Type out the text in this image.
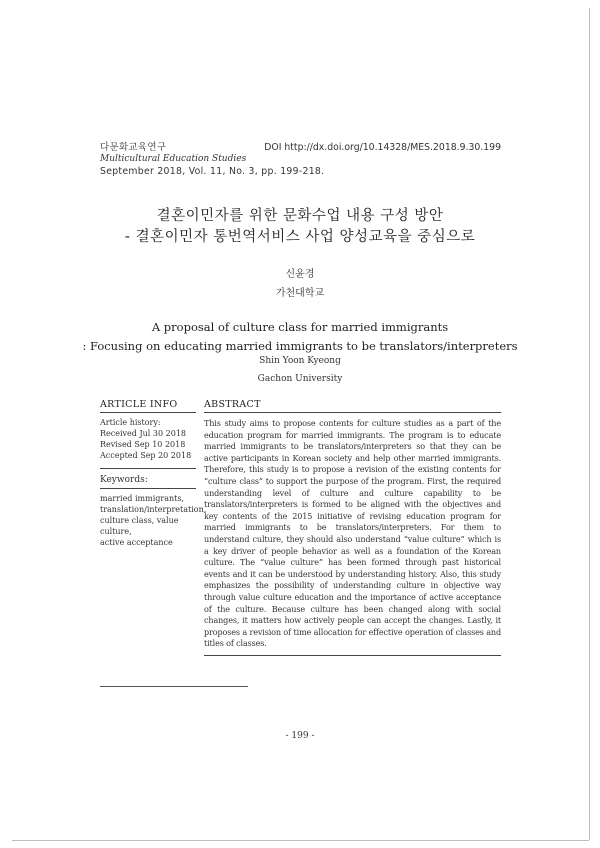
다문화교육연구
Multicultural Education Studies
September 2018, Vol. 11, No. 3, pp. 199-218.
DOI http://dx.doi.org/10.14328/MES.2018.9.30.199
결혼이민자를 위한 문화수업 내용 구성 방안
- 결혼이민자 통번역서비스 사업 양성교육을 중심으로
신윤경
가천대학교
A proposal of culture class for married immigrants
: Focusing on educating married immigrants to be translators/interpreters
Shin Yoon Kyeong
Gachon University
ARTICLE INFO
Article history:
Received Jul 30 2018
Revised Sep 10 2018
Accepted Sep 20 2018
Keywords:
married immigrants,
translation/interpretation,
culture class, value culture,
active acceptance
ABSTRACT
This study aims to propose contents for culture studies as a part of the education program for married immigrants. The program is to educate married immigrants to be translators/interpreters so that they can be active participants in Korean society and help other married immigrants. Therefore, this study is to propose a revision of the existing contents for “culture class” to support the purpose of the program. First, the required understanding level of culture and culture capability to be translators/interpreters is formed to be aligned with the objectives and key contents of the 2015 initiative of revising education program for married immigrants to be translators/interpreters. For them to understand culture, they should also understand “value culture” which is a key driver of people behavior as well as a foundation of the Korean culture. The “value culture” has been formed through past historical events and it can be understood by understanding history. Also, this study emphasizes the possibility of understanding culture in objective way through value culture education and the importance of active acceptance of the culture. Because culture has been changed along with social changes, it matters how actively people can accept the changes. Lastly, it proposes a revision of time allocation for effective operation of classes and titles of classes.
- 199 -
